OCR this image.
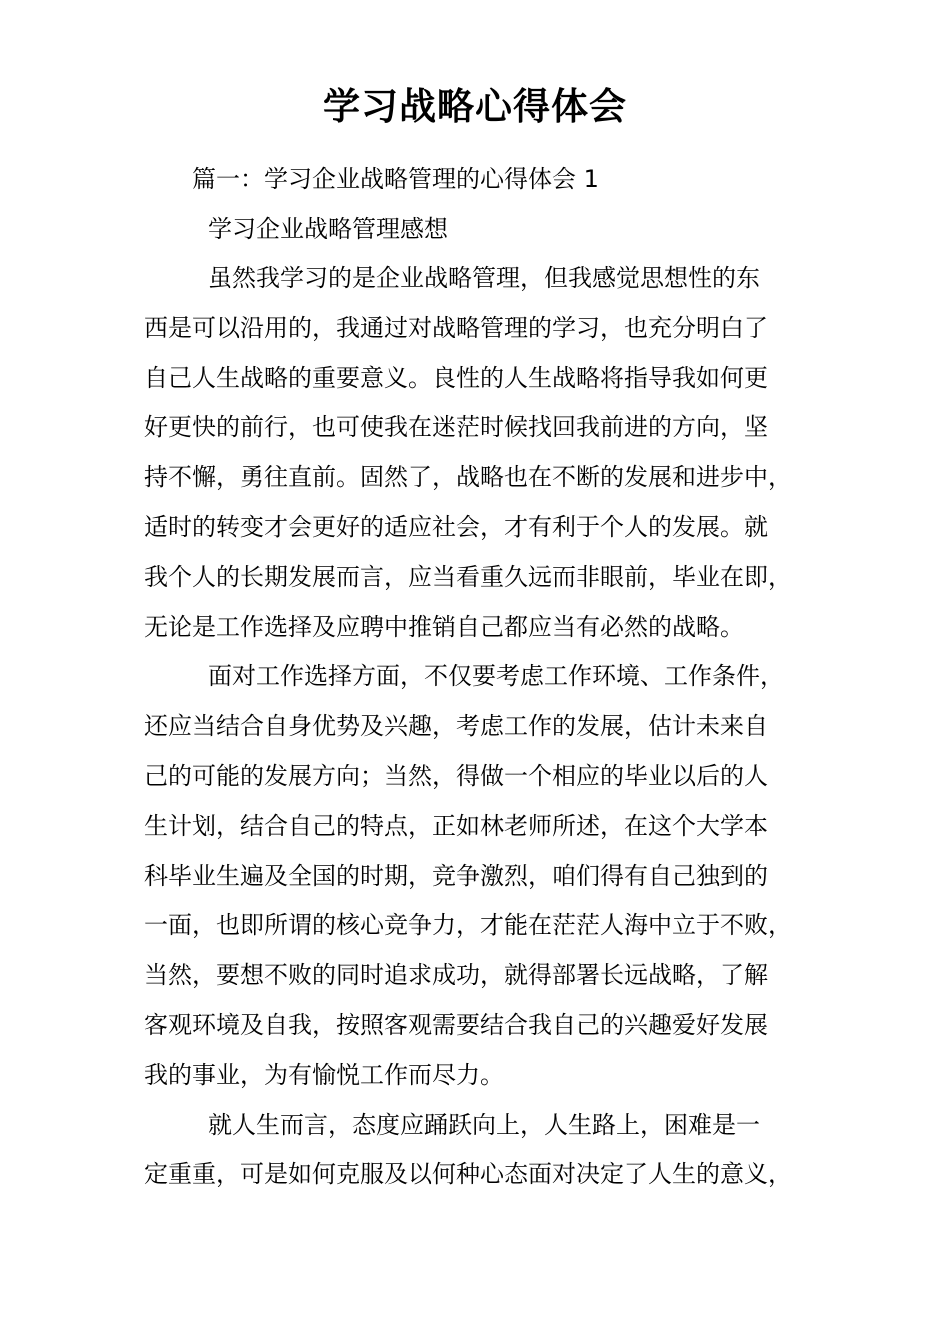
学习战略心得体会
篇一：学习企业战略管理的心得体会 1
学习企业战略管理感想
虽然我学习的是企业战略管理，但我感觉思想性的东
西是可以沿用的，我通过对战略管理的学习，也充分明白了
自己人生战略的重要意义。良性的人生战略将指导我如何更
好更快的前行，也可使我在迷茫时候找回我前进的方向，坚
持不懈，勇往直前。固然了，战略也在不断的发展和进步中，
适时的转变才会更好的适应社会，才有利于个人的发展。就
我个人的长期发展而言，应当看重久远而非眼前，毕业在即，
无论是工作选择及应聘中推销自己都应当有必然的战略。
面对工作选择方面，不仅要考虑工作环境、工作条件，
还应当结合自身优势及兴趣，考虑工作的发展，估计未来自
己的可能的发展方向；当然，得做一个相应的毕业以后的人
生计划，结合自己的特点，正如林老师所述，在这个大学本
科毕业生遍及全国的时期，竞争激烈，咱们得有自己独到的
一面，也即所谓的核心竞争力，才能在茫茫人海中立于不败，
当然，要想不败的同时追求成功，就得部署长远战略，了解
客观环境及自我，按照客观需要结合我自己的兴趣爱好发展
我的事业，为有愉悦工作而尽力。
就人生而言，态度应踊跃向上，人生路上，困难是一
定重重，可是如何克服及以何种心态面对决定了人生的意义，
